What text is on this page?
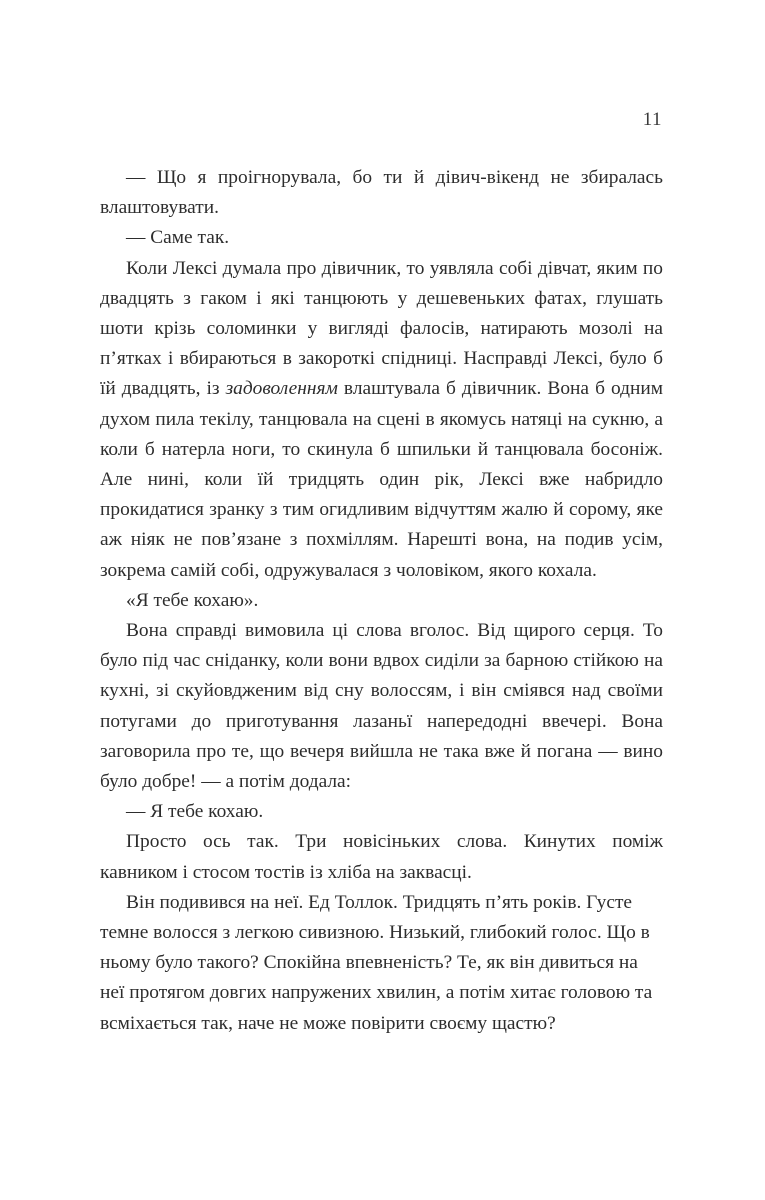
11

— Що я проігнорувала, бо ти й дівич-вікенд не збиралась влаштовувати.

— Саме так.

Коли Лексі думала про дівичник, то уявляла собі дівчат, яким по двадцять з гаком і які танцюють у дешевеньких фатах, глушать шоти крізь соломинки у вигляді фалосів, натирають мозолі на п’ятках і вбираються в закороткі спідниці. Насправді Лексі, було б їй двадцять, із задоволенням влаштувала б дівичник. Вона б одним духом пила текілу, танцювала на сцені в якомусь натяці на сукню, а коли б натерла ноги, то скинула б шпильки й танцювала босоніж. Але нині, коли їй тридцять один рік, Лексі вже набридло прокидатися зранку з тим огидливим відчуттям жалю й сорому, яке аж ніяк не пов’язане з похміллям. Нарешті вона, на подив усім, зокрема самій собі, одружувалася з чоловіком, якого кохала.

«Я тебе кохаю».

Вона справді вимовила ці слова вголос. Від щирого серця. То було під час сніданку, коли вони вдвох сиділи за барною стійкою на кухні, зі скуйовдженим від сну волоссям, і він сміявся над своїми потугами до приготування лазаньї напередодні ввечері. Вона заговорила про те, що вечеря вийшла не така вже й погана — вино було добре! — а потім додала:

— Я тебе кохаю.

Просто ось так. Три новісіньких слова. Кинутих поміж кавником і стосом тостів із хліба на заквасці.

Він подивився на неї. Ед Толлок. Тридцять п’ять років. Густе темне волосся з легкою сивизною. Низький, глибокий голос. Що в ньому було такого? Спокійна впевненість? Те, як він дивиться на неї протягом довгих напружених хвилин, а потім хитає головою та всміхається так, наче не може повірити своєму щастю?
